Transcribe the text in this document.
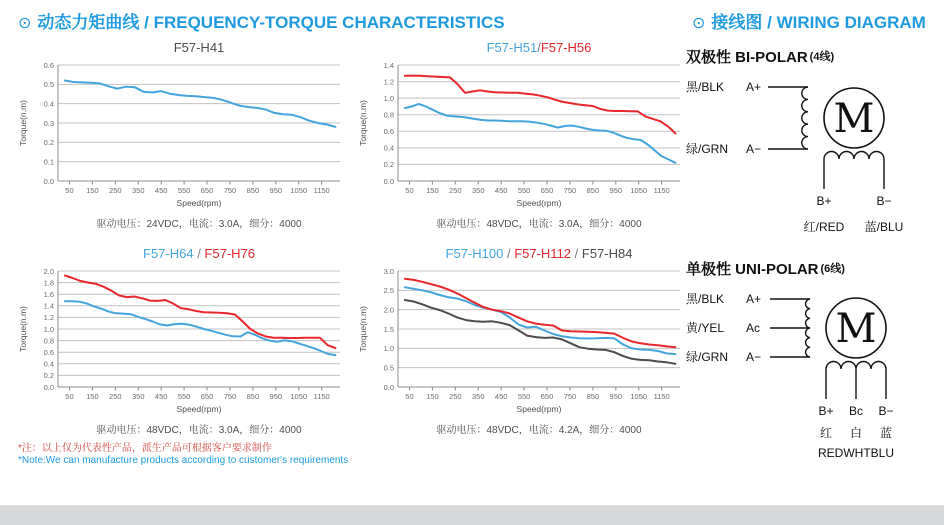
⊙ 动态力矩曲线 / FREQUENCY-TORQUE CHARACTERISTICS	⊙ 接线图 / WIRING DIAGRAM
F57-H41
0.0
0.1
0.2
0.3
0.4
0.5
0.6
50 150 250 350 450 550 650 750 850 950 1050 1150
Speed(rpm)
Torque(n.m)
驱动电压：24VDC，电流：3.0A，细分：4000
F57-H51/F57-H56
0.0
0.2
0.4
0.6
0.8
1.0
1.2
1.4
50 150 250 350 450 550 650 750 850 950 1050 1150
Speed(rpm)
Torque(n.m)
驱动电压：48VDC，电流：3.0A，细分：4000
F57-H64 / F57-H76
0.0
0.2
0.4
0.6
0.8
1.0
1.2
1.4
1.6
1.8
2.0
50 150 250 350 450 550 650 750 850 950 1050 1150
Speed(rpm)
Torque(n.m)
驱动电压：48VDC，电流：3.0A，细分：4000
F57-H100 / F57-H112 / F57-H84
0.0
0.5
1.0
1.5
2.0
2.5
3.0
50 150 250 350 450 550 650 750 850 950 1050 1150
Speed(rpm)
Torque(n.m)
驱动电压：48VDC，电流：4.2A，细分：4000
*注：以上仅为代表性产品，派生产品可根据客户要求制作
*Note:We can manufacture products according to customer's requirements
双极性 BI-POLAR (4线)
黑/BLK A+
绿/GRN A−
M
B+	B−
红/RED 蓝/BLU
单极性 UNI-POLAR (6线)
黑/BLK A+
黄/YEL Ac
绿/GRN A−
M
B+ Bc B−
红 白 蓝
REDWHTBLU
